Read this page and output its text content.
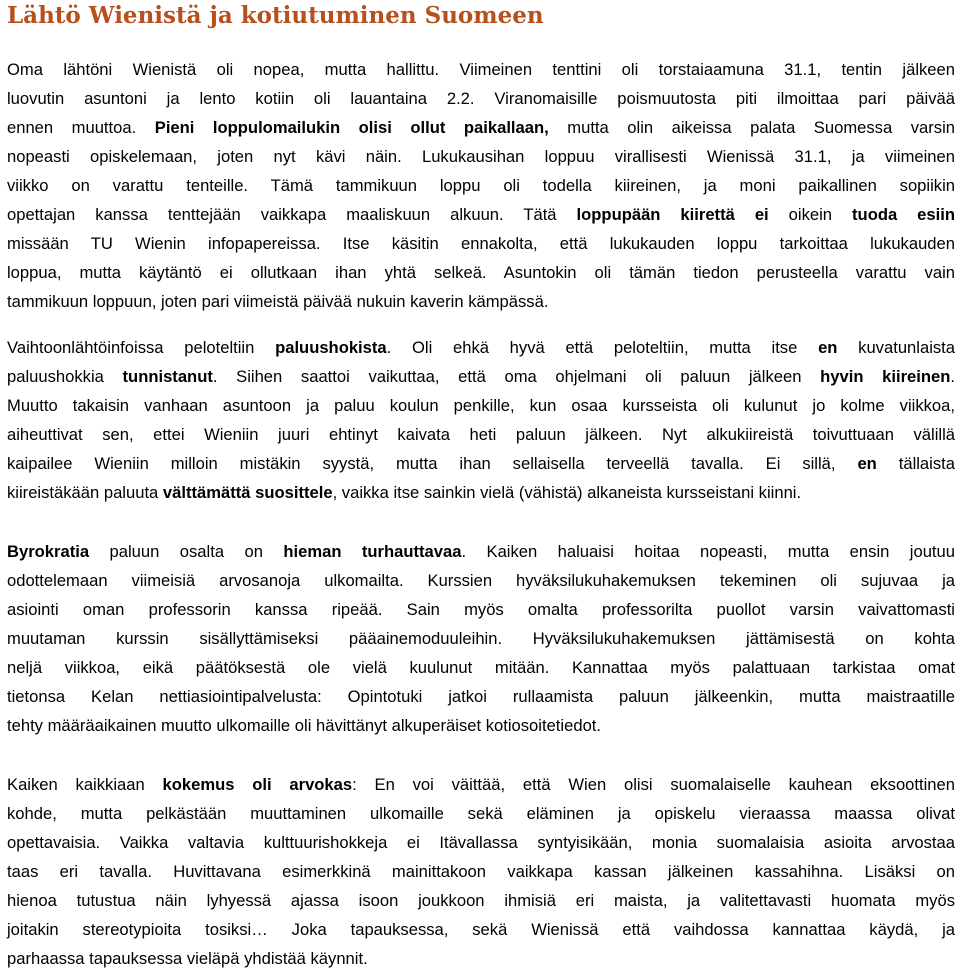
Lähtö Wienistä ja kotiutuminen Suomeen
Oma lähtöni Wienistä oli nopea, mutta hallittu. Viimeinen tenttini oli torstaiaamuna 31.1, tentin jälkeen
luovutin asuntoni ja lento kotiin oli lauantaina 2.2. Viranomaisille poismuutosta piti ilmoittaa pari päivää
ennen muuttoa. Pieni loppulomailukin olisi ollut paikallaan, mutta olin aikeissa palata Suomessa varsin
nopeasti opiskelemaan, joten nyt kävi näin. Lukukausihan loppuu virallisesti Wienissä 31.1, ja viimeinen
viikko on varattu tenteille. Tämä tammikuun loppu oli todella kiireinen, ja moni paikallinen sopiikin
opettajan kanssa tenttejään vaikkapa maaliskuun alkuun. Tätä loppupään kiirettä ei oikein tuoda esiin
missään TU Wienin infopapereissa. Itse käsitin ennakolta, että lukukauden loppu tarkoittaa lukukauden
loppua, mutta käytäntö ei ollutkaan ihan yhtä selkeä. Asuntokin oli tämän tiedon perusteella varattu vain
tammikuun loppuun, joten pari viimeistä päivää nukuin kaverin kämpässä.
Vaihtoonlähtöinfoissa peloteltiin paluushokista. Oli ehkä hyvä että peloteltiin, mutta itse en kuvatunlaista
paluushokkia tunnistanut. Siihen saattoi vaikuttaa, että oma ohjelmani oli paluun jälkeen hyvin kiireinen.
Muutto takaisin vanhaan asuntoon ja paluu koulun penkille, kun osaa kursseista oli kulunut jo kolme viikkoa,
aiheuttivat sen, ettei Wieniin juuri ehtinyt kaivata heti paluun jälkeen. Nyt alkukiireistä toivuttuaan välillä
kaipailee Wieniin milloin mistäkin syystä, mutta ihan sellaisella terveellä tavalla. Ei sillä, en tällaista
kiireistäkään paluuta välttämättä suosittele, vaikka itse sainkin vielä (vähistä) alkaneista kursseistani kiinni.
Byrokratia paluun osalta on hieman turhauttavaa. Kaiken haluaisi hoitaa nopeasti, mutta ensin joutuu
odottelemaan viimeisiä arvosanoja ulkomailta. Kurssien hyväksilukuhakemuksen tekeminen oli sujuvaa ja
asiointi oman professorin kanssa ripeää. Sain myös omalta professorilta puollot varsin vaivattomasti
muutaman kurssin sisällyttämiseksi pääainemoduuleihin. Hyväksilukuhakemuksen jättämisestä on kohta
neljä viikkoa, eikä päätöksestä ole vielä kuulunut mitään. Kannattaa myös palattuaan tarkistaa omat
tietonsa Kelan nettiasiointipalvelusta: Opintotuki jatkoi rullaamista paluun jälkeenkin, mutta maistraatille
tehty määräaikainen muutto ulkomaille oli hävittänyt alkuperäiset kotiosoitetiedot.
Kaiken kaikkiaan kokemus oli arvokas: En voi väittää, että Wien olisi suomalaiselle kauhean eksoottinen
kohde, mutta pelkästään muuttaminen ulkomaille sekä eläminen ja opiskelu vieraassa maassa olivat
opettavaisia. Vaikka valtavia kulttuurishokkeja ei Itävallassa syntyisikään, monia suomalaisia asioita arvostaa
taas eri tavalla. Huvittavana esimerkkinä mainittakoon vaikkapa kassan jälkeinen kassahihna. Lisäksi on
hienoa tutustua näin lyhyessä ajassa isoon joukkoon ihmisiä eri maista, ja valitettavasti huomata myös
joitakin stereotypioita tosiksi… Joka tapauksessa, sekä Wienissä että vaihdossa kannattaa käydä, ja
parhaassa tapauksessa vieläpä yhdistää käynnit.
